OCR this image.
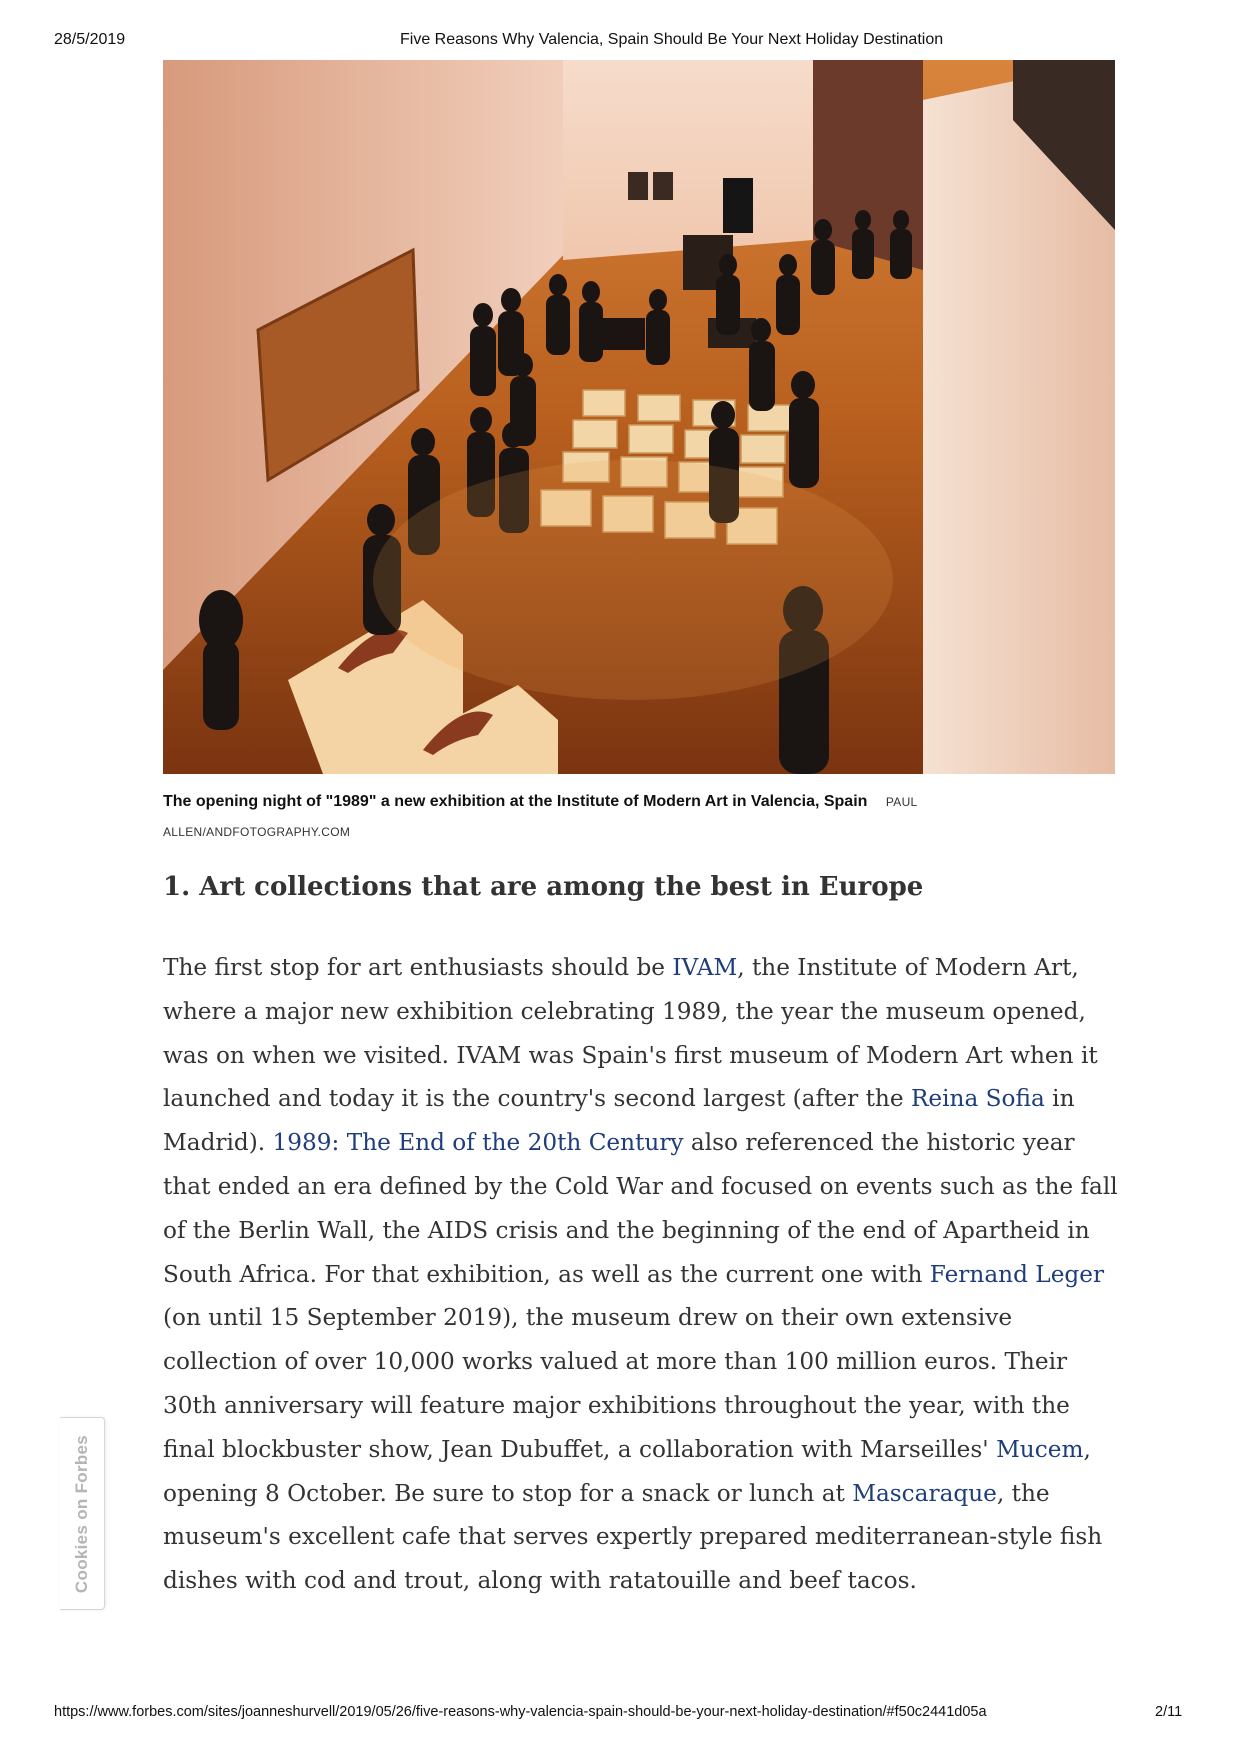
28/5/2019	Five Reasons Why Valencia, Spain Should Be Your Next Holiday Destination
The opening night of "1989" a new exhibition at the Institute of Modern Art in Valencia, Spain PAUL ALLEN/ANDFOTOGRAPHY.COM
1. Art collections that are among the best in Europe

The first stop for art enthusiasts should be IVAM, the Institute of Modern Art, where a major new exhibition celebrating 1989, the year the museum opened, was on when we visited. IVAM was Spain's first museum of Modern Art when it launched and today it is the country's second largest (after the Reina Sofia in Madrid). 1989: The End of the 20th Century also referenced the historic year that ended an era defined by the Cold War and focused on events such as the fall of the Berlin Wall, the AIDS crisis and the beginning of the end of Apartheid in South Africa. For that exhibition, as well as the current one with Fernand Leger (on until 15 September 2019), the museum drew on their own extensive collection of over 10,000 works valued at more than 100 million euros. Their 30th anniversary will feature major exhibitions throughout the year, with the final blockbuster show, Jean Dubuffet, a collaboration with Marseilles' Mucem, opening 8 October. Be sure to stop for a snack or lunch at Mascaraque, the museum's excellent cafe that serves expertly prepared mediterranean-style fish dishes with cod and trout, along with ratatouille and beef tacos.

Cookies on Forbes
https://www.forbes.com/sites/joanneshurvell/2019/05/26/five-reasons-why-valencia-spain-should-be-your-next-holiday-destination/#f50c2441d05a	2/11
